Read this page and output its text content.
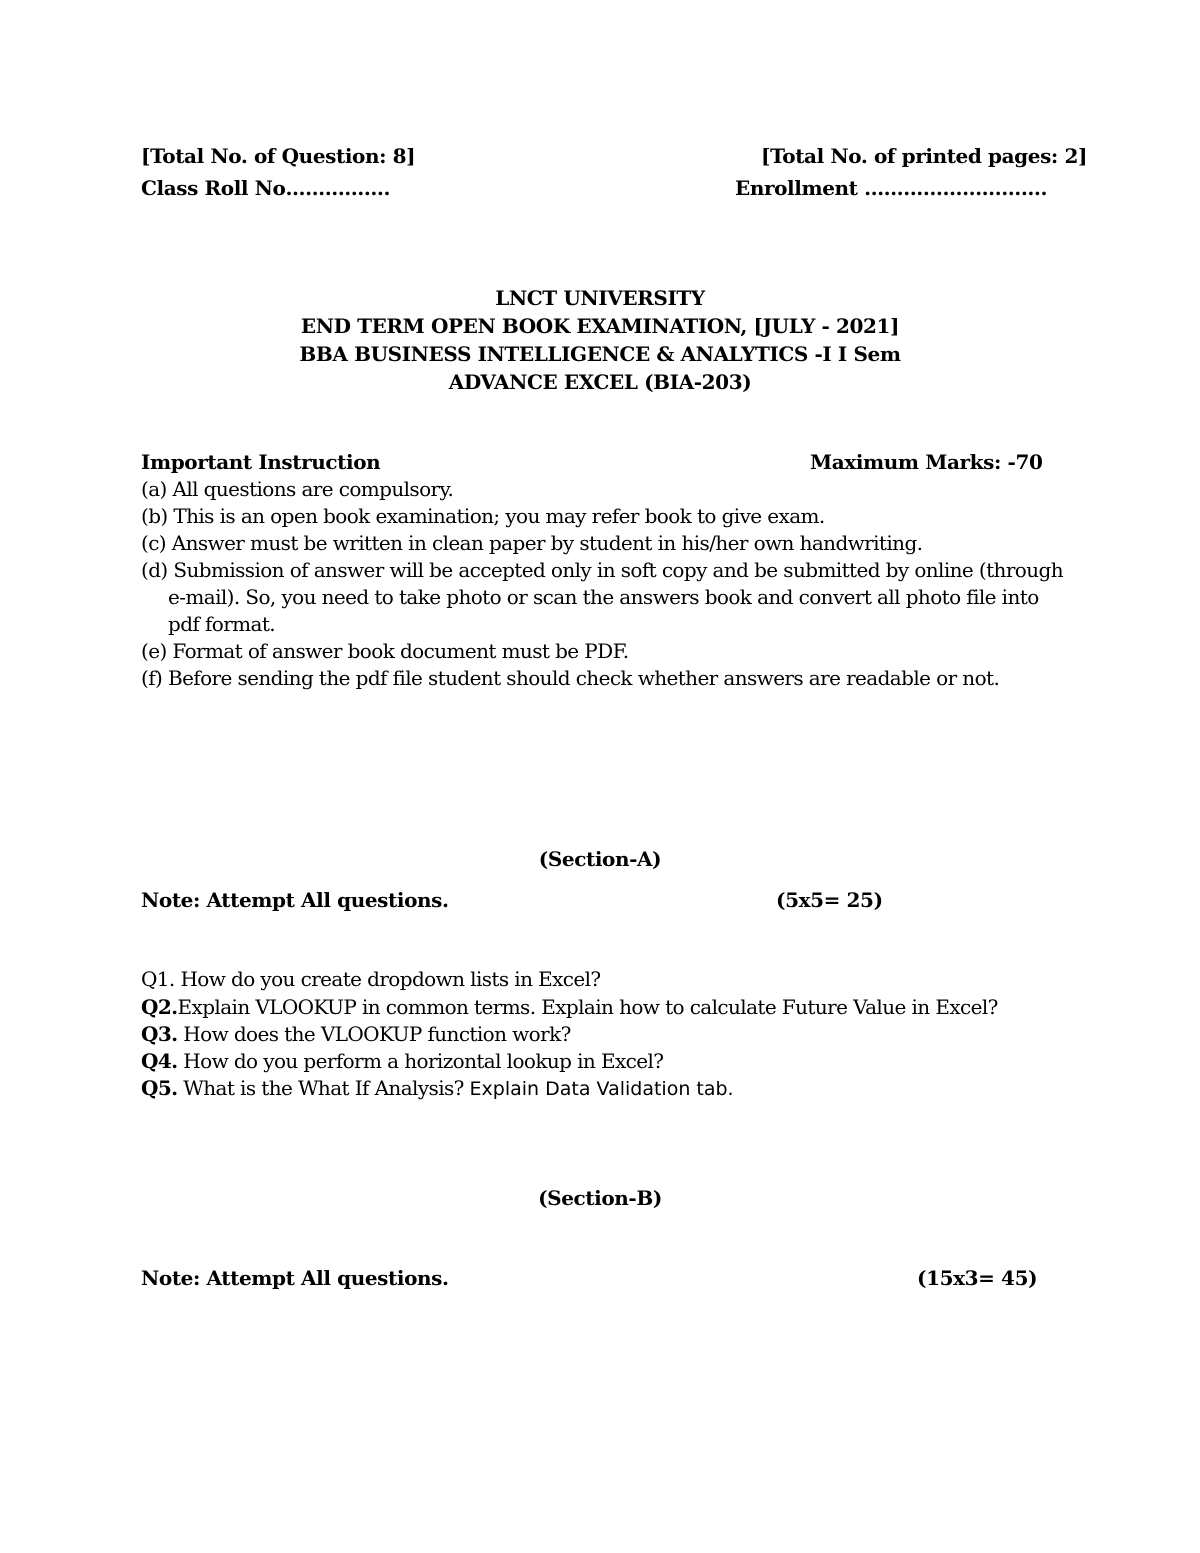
[Total No. of Question: 8]	[Total No. of printed pages: 2]
Class Roll No…………….	Enrollment ……………………….
LNCT UNIVERSITY
END TERM OPEN BOOK EXAMINATION, [JULY - 2021]
BBA BUSINESS INTELLIGENCE & ANALYTICS -I I Sem
ADVANCE EXCEL (BIA-203)
Important Instruction	Maximum Marks: -70
(a) All questions are compulsory.
(b) This is an open book examination; you may refer book to give exam.
(c) Answer must be written in clean paper by student in his/her own handwriting.
(d) Submission of answer will be accepted only in soft copy and be submitted by online (through
e-mail). So, you need to take photo or scan the answers book and convert all photo file into
pdf format.
(e) Format of answer book document must be PDF.
(f) Before sending the pdf file student should check whether answers are readable or not.
(Section-A)
Note: Attempt All questions.	(5x5= 25)
Q1. How do you create dropdown lists in Excel?
Q2.Explain VLOOKUP in common terms. Explain how to calculate Future Value in Excel?
Q3. How does the VLOOKUP function work?
Q4. How do you perform a horizontal lookup in Excel?
Q5. What is the What If Analysis? Explain Data Validation tab.
(Section-B)
Note: Attempt All questions.	(15x3= 45)
